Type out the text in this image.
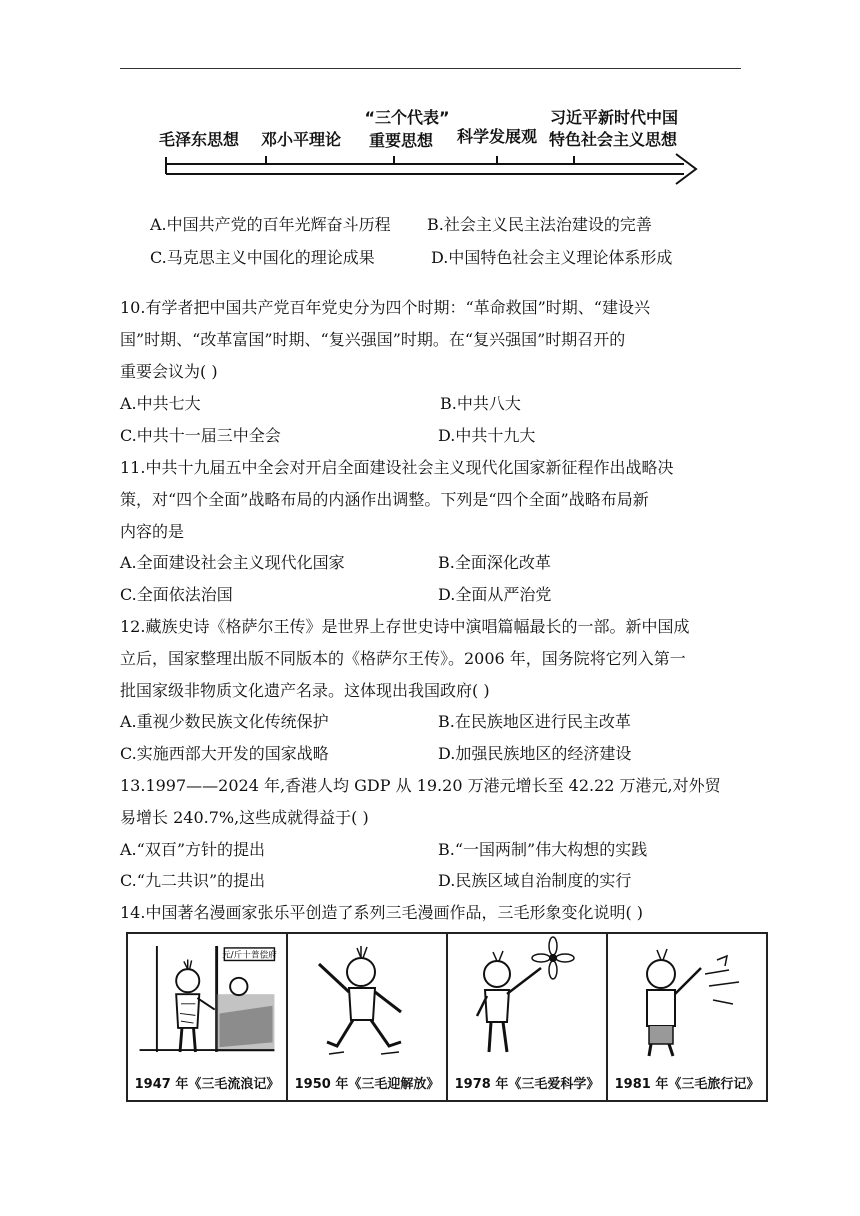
毛泽东思想 邓小平理论
“三个代表”
重要思想 科学发展观
习近平新时代中国
特色社会主义思想
A.中国共产党的百年光辉奋斗历程 B.社会主义民主法治建设的完善
C.马克思主义中国化的理论成果	D.中国特色社会主义理论体系形成
10.有学者把中国共产党百年党史分为四个时期：“革命救国”时期、“建设兴
国”时期、“改革富国”时期、“复兴强国”时期。在“复兴强国”时期召开的
重要会议为( )
A.中共七大	B.中共八大
C.中共十一届三中全会	D.中共十九大
11.中共十九届五中全会对开启全面建设社会主义现代化国家新征程作出战略决
策，对“四个全面”战略布局的内涵作出调整。下列是“四个全面”战略布局新
内容的是
A.全面建设社会主义现代化国家	B.全面深化改革
C.全面依法治国	D.全面从严治党
12.藏族史诗《格萨尔王传》是世界上存世史诗中演唱篇幅最长的一部。新中国成
立后，国家整理出版不同版本的《格萨尔王传》。2006 年，国务院将它列入第一
批国家级非物质文化遗产名录。这体现出我国政府( )
A.重视少数民族文化传统保护	B.在民族地区进行民主改革
C.实施西部大开发的国家战略	D.加强民族地区的经济建设
13.1997——2024 年,香港人均 GDP 从 19.20 万港元增长至 42.22 万港元,对外贸
易增长 240.7%,这些成就得益于( )
A.“双百”方针的提出	B.“一国两制”伟大构想的实践
C.“九二共识”的提出	D.民族区域自治制度的实行
14.中国著名漫画家张乐平创造了系列三毛漫画作品，三毛形象变化说明( )
元/斤十普偿府
1947 年《三毛流浪记》	1950 年《三毛迎解放》	1978 年《三毛爱科学》	1981 年《三毛旅行记》
